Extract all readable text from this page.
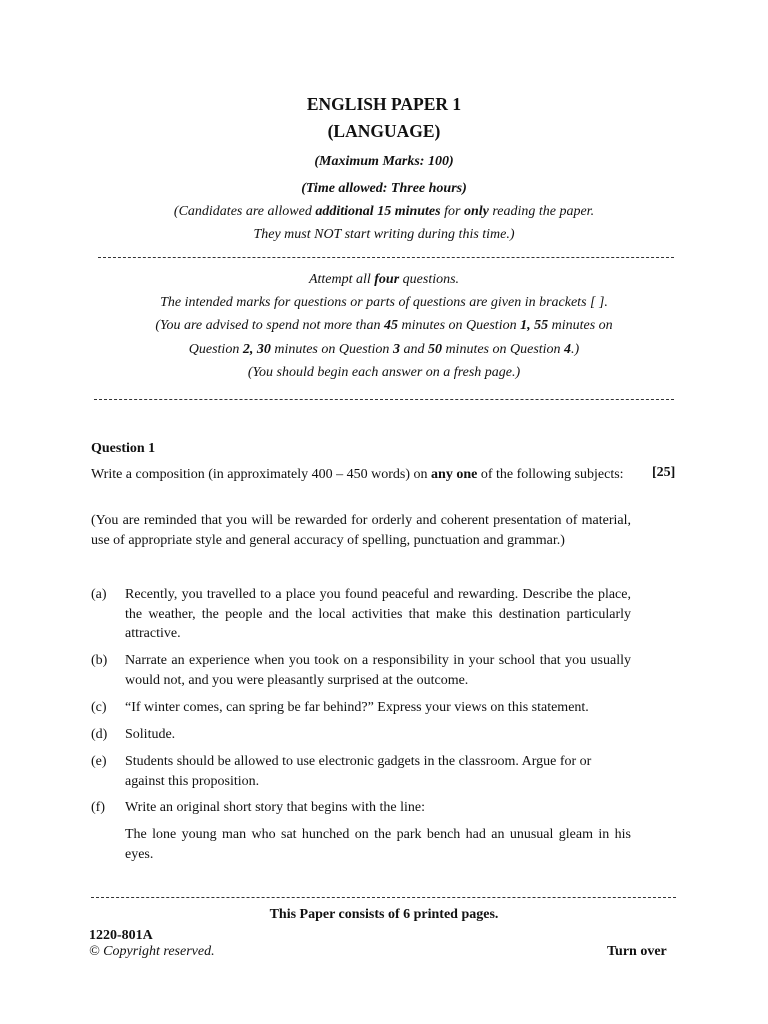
ENGLISH PAPER 1
(LANGUAGE)
(Maximum Marks: 100)
(Time allowed: Three hours)
(Candidates are allowed additional 15 minutes for only reading the paper.
They must NOT start writing during this time.)
Attempt all four questions.
The intended marks for questions or parts of questions are given in brackets [ ].
(You are advised to spend not more than 45 minutes on Question 1, 55 minutes on
Question 2, 30 minutes on Question 3 and 50 minutes on Question 4.)
(You should begin each answer on a fresh page.)
Question 1
Write a composition (in approximately 400 – 450 words) on any one of the following subjects:	[25]
(You are reminded that you will be rewarded for orderly and coherent presentation of material, use of appropriate style and general accuracy of spelling, punctuation and grammar.)
(a) Recently, you travelled to a place you found peaceful and rewarding. Describe the place, the weather, the people and the local activities that make this destination particularly attractive.
(b) Narrate an experience when you took on a responsibility in your school that you usually would not, and you were pleasantly surprised at the outcome.
(c) “If winter comes, can spring be far behind?” Express your views on this statement.
(d) Solitude.
(e) Students should be allowed to use electronic gadgets in the classroom. Argue for or against this proposition.
(f) Write an original short story that begins with the line:
The lone young man who sat hunched on the park bench had an unusual gleam in his eyes.
This Paper consists of 6 printed pages.
1220-801A
© Copyright reserved.	Turn over
